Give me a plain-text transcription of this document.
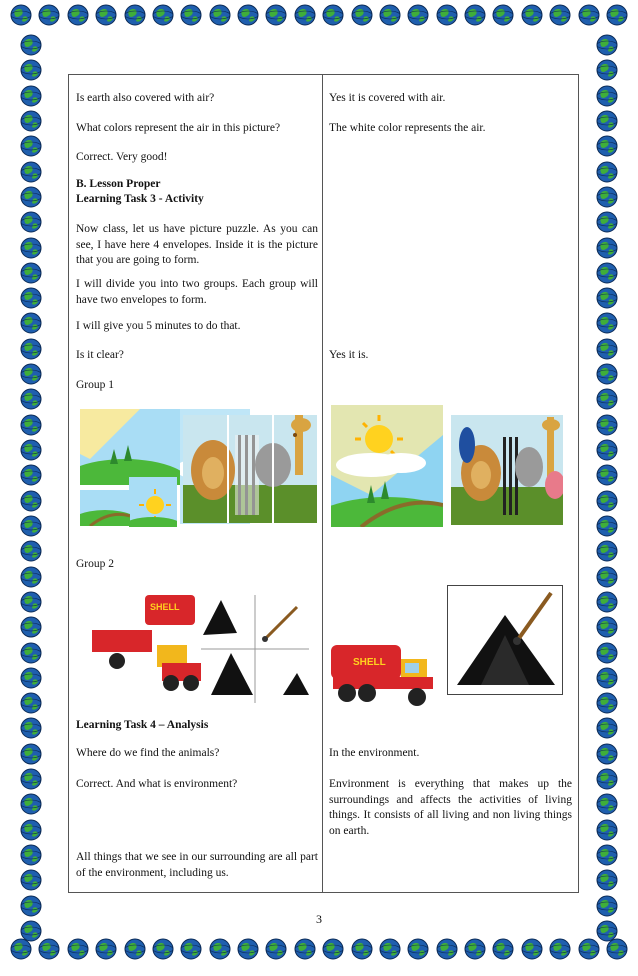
Is earth also covered with air?
What colors represent the air in this picture?
Correct. Very good!
B. Lesson Proper
Learning Task 3 - Activity
Now class, let us have picture puzzle. As you can see, I have here 4 envelopes. Inside it is the picture that you are going to form.
I will divide you into two groups. Each group will have two envelopes to form.
I will give you 5 minutes to do that.
Is it clear?
Group 1
Group 2
SHELL
Learning Task 4 – Analysis
Where do we find the animals?
Correct. And what is environment?
All things that we see in our surrounding are all part of the environment, including us.
Yes it is covered with air.
The white color represents the air.
Yes it is.
SHELL
In the environment.
Environment is everything that makes up the surroundings and affects the activities of living things. It consists of all living and non living things on earth.
3
